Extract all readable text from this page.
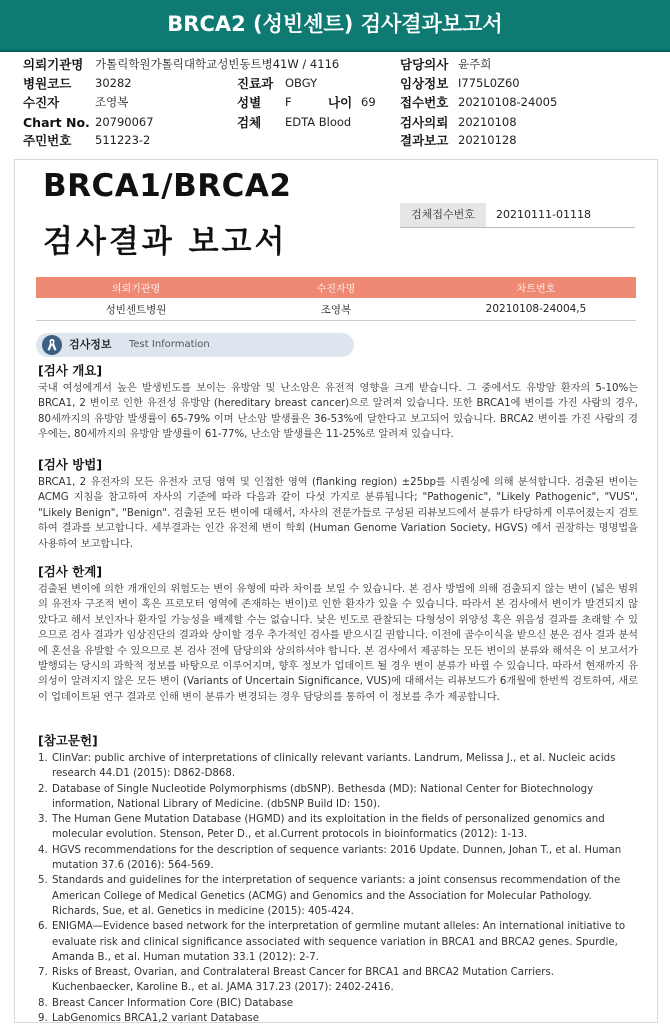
BRCA2 (성빈센트) 검사결과보고서
의뢰기관명 가톨릭학원가톨릭대학교성빈동트병41W / 4116
병원코드 30282	진료과 OBGY
수진자	조영복	성별 F	나이 69
Chart No. 20790067	검체 EDTA Blood
주민번호 511223-2
담당의사 윤주희
임상정보 I775L0Z60
접수번호 20210108-24005
검사의뢰 20210108
결과보고 20210128
BRCA1/BRCA2
검사결과 보고서
검체접수번호	20210111-01118
의뢰기관명	수진자명	차트번호
성빈센트병원	조영복	20210108-24004,5
검사정보 Test Information
[검사 개요]

국내 여성에게서 높은 발생빈도를 보이는 유방암 및 난소암은 유전적 영향을 크게 받습니다. 그 중에서도 유방암 환자의 5-10%는 BRCA1, 2 변이로 인한 유전성 유방암 (hereditary breast cancer)으로 알려져 있습니다. 또한 BRCA1에 변이를 가진 사람의 경우, 80세까지의 유방암 발생률이 65-79% 이며 난소암 발생률은 36-53%에 달한다고 보고되어 있습니다. BRCA2 변이를 가진 사람의 경우에는, 80세까지의 유방암 발생률이 61-77%, 난소암 발생률은 11-25%로 알려져 있습니다.

[검사 방법]

BRCA1, 2 유전자의 모든 유전자 코딩 영역 및 인접한 영역 (flanking region) ±25bp를 시퀀싱에 의해 분석합니다. 검출된 변이는 ACMG 지침을 참고하여 자사의 기준에 따라 다음과 같이 다섯 가지로 분류됩니다; "Pathogenic", "Likely Pathogenic", "VUS", "Likely Benign", "Benign". 검출된 모든 변이에 대해서, 자사의 전문가들로 구성된 리뷰보드에서 분류가 타당하게 이루어졌는지 검토하여 결과를 보고합니다. 세부결과는 인간 유전체 변이 학회 (Human Genome Variation Society, HGVS) 에서 권장하는 명명법을 사용하여 보고합니다.

[검사 한계]

검출된 변이에 의한 개개인의 위험도는 변이 유형에 따라 차이를 보일 수 있습니다. 본 검사 방법에 의해 검출되지 않는 변이 (넓은 범위의 유전자 구조적 변이 혹은 프로모터 영역에 존재하는 변이)로 인한 환자가 있을 수 있습니다. 따라서 본 검사에서 변이가 발견되지 않았다고 해서 보인자나 환자일 가능성을 배제할 수는 없습니다. 낮은 빈도로 관찰되는 다형성이 위양성 혹은 위음성 결과를 초래할 수 있으므로 검사 결과가 임상진단의 결과와 상이할 경우 추가적인 검사를 받으시길 권합니다. 이전에 골수이식을 받으신 분은 검사 결과 분석에 혼선을 유발할 수 있으므로 본 검사 전에 담당의와 상의하셔야 합니다. 본 검사에서 제공하는 모든 변이의 분류와 해석은 이 보고서가 발행되는 당시의 과학적 정보를 바탕으로 이루어지며, 향후 정보가 업데이트 될 경우 변이 분류가 바뀔 수 있습니다. 따라서 현재까지 유의성이 알려지지 않은 모든 변이 (Variants of Uncertain Significance, VUS)에 대해서는 리뷰보드가 6개월에 한번씩 검토하여, 새로이 업데이트된 연구 결과로 인해 변이 분류가 변경되는 경우 담당의를 통하여 이 정보를 추가 제공합니다.

[참고문헌]
1. ClinVar: public archive of interpretations of clinically relevant variants. Landrum, Melissa J., et al. Nucleic acids research 44.D1 (2015): D862-D868.
2. Database of Single Nucleotide Polymorphisms (dbSNP). Bethesda (MD): National Center for Biotechnology information, National Library of Medicine. (dbSNP Build ID: 150).
3. The Human Gene Mutation Database (HGMD) and its exploitation in the fields of personalized genomics and molecular evolution. Stenson, Peter D., et al.Current protocols in bioinformatics (2012): 1-13.
4. HGVS recommendations for the description of sequence variants: 2016 Update. Dunnen, Johan T., et al. Human mutation 37.6 (2016): 564-569.
5. Standards and guidelines for the interpretation of sequence variants: a joint consensus recommendation of the American College of Medical Genetics (ACMG) and Genomics and the Association for Molecular Pathology. Richards, Sue, et al. Genetics in medicine (2015): 405-424.
6. ENIGMA—Evidence based network for the interpretation of germline mutant alleles: An international initiative to evaluate risk and clinical significance associated with sequence variation in BRCA1 and BRCA2 genes. Spurdle, Amanda B., et al. Human mutation 33.1 (2012): 2-7.
7. Risks of Breast, Ovarian, and Contralateral Breast Cancer for BRCA1 and BRCA2 Mutation Carriers. Kuchenbaecker, Karoline B., et al. JAMA 317.23 (2017): 2402-2416.
8. Breast Cancer Information Core (BIC) Database
9. LabGenomics BRCA1,2 variant Database
